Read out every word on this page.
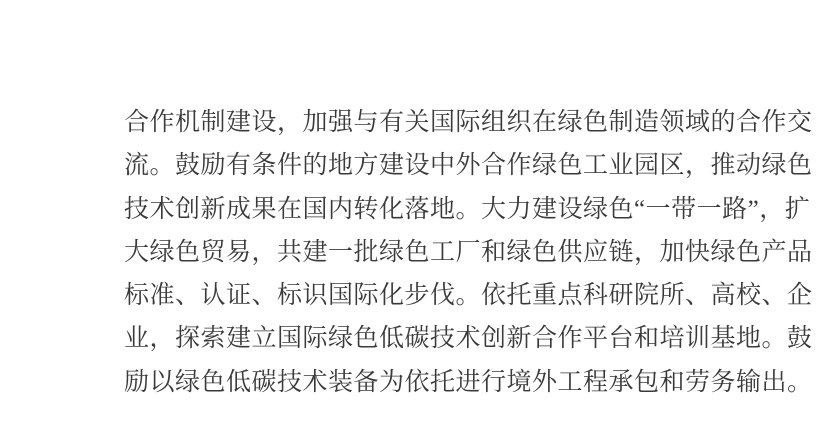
合作机制建设，加强与有关国际组织在绿色制造领域的合作交
流。鼓励有条件的地方建设中外合作绿色工业园区，推动绿色
技术创新成果在国内转化落地。大力建设绿色“一带一路”，扩
大绿色贸易，共建一批绿色工厂和绿色供应链，加快绿色产品
标准、认证、标识国际化步伐。依托重点科研院所、高校、企
业，探索建立国际绿色低碳技术创新合作平台和培训基地。鼓
励以绿色低碳技术装备为依托进行境外工程承包和劳务输出。
